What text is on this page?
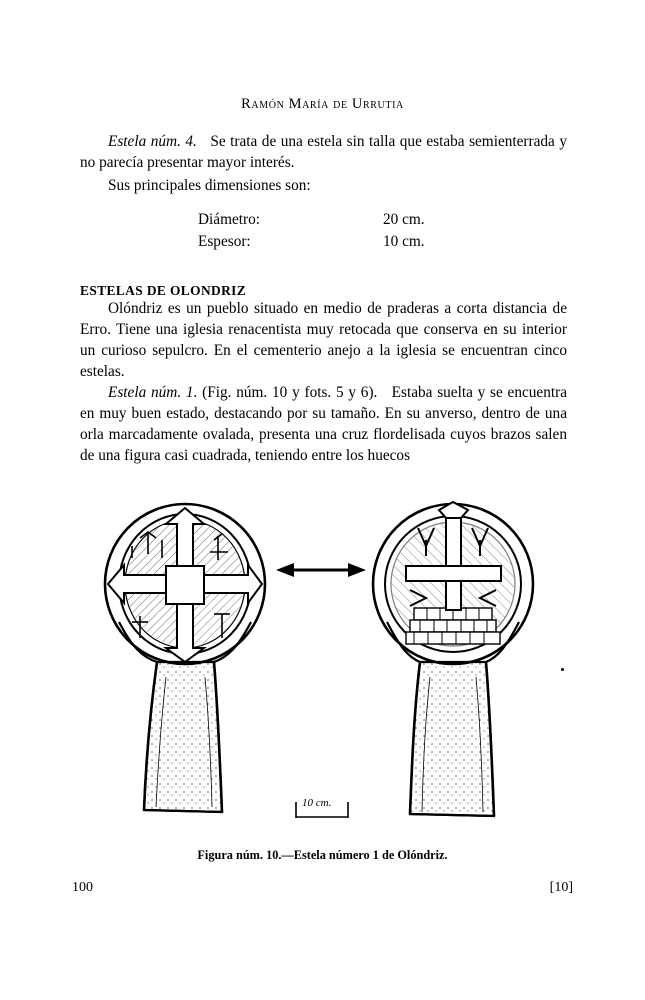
Ramón María de Urrutia

Estela núm. 4. Se trata de una estela sin talla que estaba semienterrada y no parecía presentar mayor interés.

Sus principales dimensiones son:

Diámetro:	20 cm.
Espesor:	10 cm.
ESTELAS DE OLONDRIZ

Olóndriz es un pueblo situado en medio de praderas a corta distancia de Erro. Tiene una iglesia renacentista muy retocada que conserva en su interior un curioso sepulcro. En el cementerio anejo a la iglesia se encuentran cinco estelas.

Estela núm. 1. (Fig. núm. 10 y fots. 5 y 6). Estaba suelta y se encuentra en muy buen estado, destacando por su tamaño. En su anverso, dentro de una orla marcadamente ovalada, presenta una cruz flordelisada cuyos brazos salen de una figura casi cuadrada, teniendo entre los huecos

10 cm.
Figura núm. 10.—Estela número 1 de Olóndriz.
100	[10]
